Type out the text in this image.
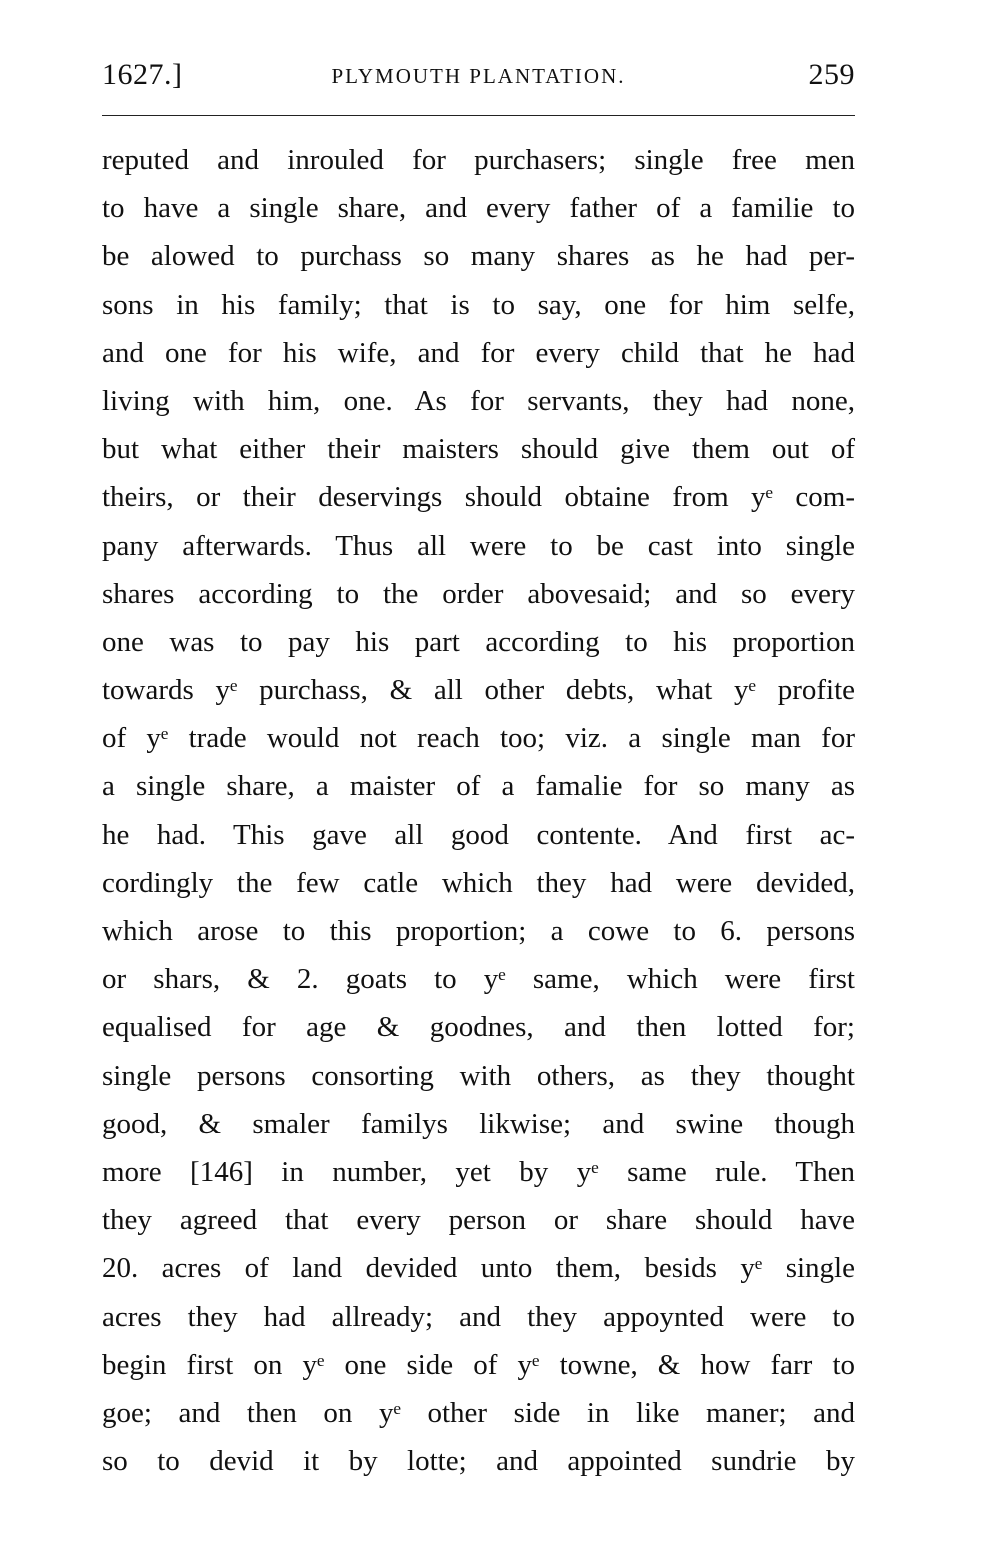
1627.]	PLYMOUTH PLANTATION.	259
reputed and inrouled for purchasers; single free men
to have a single share, and every father of a familie to
be alowed to purchass so many shares as he had per-
sons in his family; that is to say, one for him selfe,
and one for his wife, and for every child that he had
living with him, one. As for servants, they had none,
but what either their maisters should give them out of
theirs, or their deservings should obtaine from yᵉ com-
pany afterwards. Thus all were to be cast into single
shares according to the order abovesaid; and so every
one was to pay his part according to his proportion
towards yᵉ purchass, & all other debts, what yᵉ profite
of yᵉ trade would not reach too; viz. a single man for
a single share, a maister of a famalie for so many as
he had. This gave all good contente. And first ac-
cordingly the few catle which they had were devided,
which arose to this proportion; a cowe to 6. persons
or shars, & 2. goats to yᵉ same, which were first
equalised for age & goodnes, and then lotted for;
single persons consorting with others, as they thought
good, & smaler familys likwise; and swine though
more [146] in number, yet by yᵉ same rule. Then
they agreed that every person or share should have
20. acres of land devided unto them, besids yᵉ single
acres they had allready; and they appoynted were to
begin first on yᵉ one side of yᵉ towne, & how farr to
goe; and then on yᵉ other side in like maner; and
so to devid it by lotte; and appointed sundrie by
